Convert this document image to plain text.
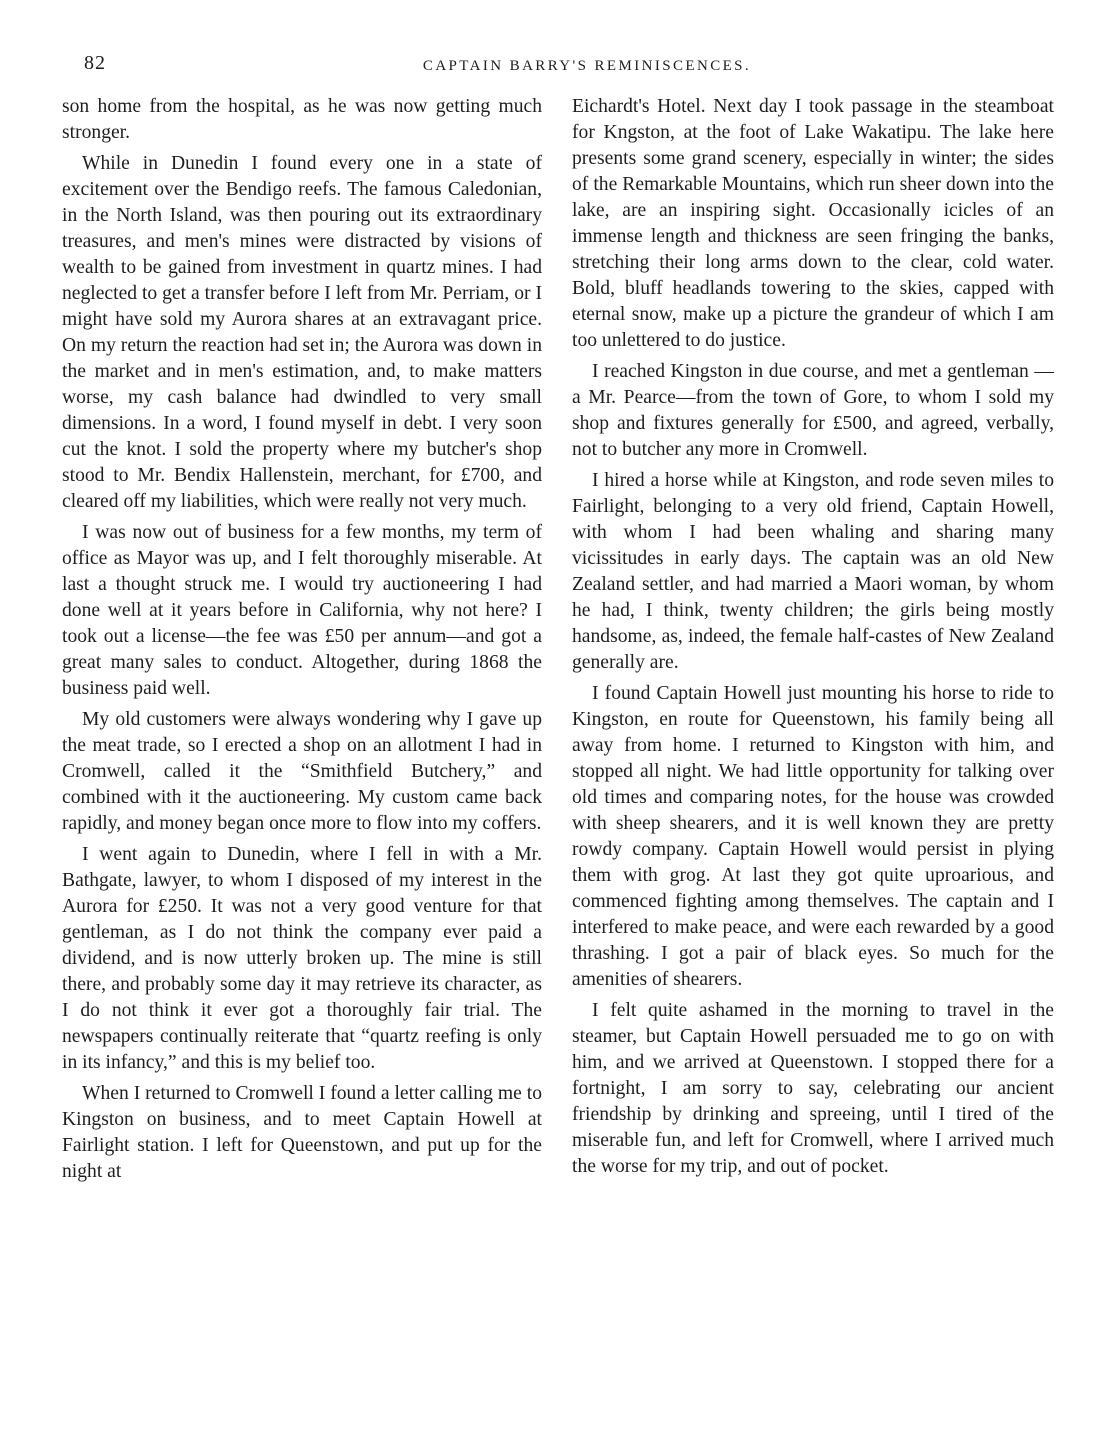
82	CAPTAIN BARRY'S REMINISCENCES.

son home from the hospital, as he was now getting much stronger.

While in Dunedin I found every one in a state of excitement over the Bendigo reefs. The famous Caledonian, in the North Island, was then pouring out its extraordinary treasures, and men's mines were distracted by visions of wealth to be gained from investment in quartz mines. I had neglected to get a transfer before I left from Mr. Perriam, or I might have sold my Aurora shares at an extravagant price. On my return the reaction had set in; the Aurora was down in the market and in men's estimation, and, to make matters worse, my cash balance had dwindled to very small dimensions. In a word, I found myself in debt. I very soon cut the knot. I sold the property where my butcher's shop stood to Mr. Bendix Hallenstein, merchant, for £700, and cleared off my liabilities, which were really not very much.

I was now out of business for a few months, my term of office as Mayor was up, and I felt thoroughly miserable. At last a thought struck me. I would try auctioneering I had done well at it years before in California, why not here? I took out a license—the fee was £50 per annum—and got a great many sales to conduct. Altogether, during 1868 the business paid well.

My old customers were always wondering why I gave up the meat trade, so I erected a shop on an allotment I had in Cromwell, called it the “Smithfield Butchery,” and combined with it the auctioneering. My custom came back rapidly, and money began once more to flow into my coffers.

I went again to Dunedin, where I fell in with a Mr. Bathgate, lawyer, to whom I disposed of my interest in the Aurora for £250. It was not a very good venture for that gentleman, as I do not think the company ever paid a dividend, and is now utterly broken up. The mine is still there, and probably some day it may retrieve its character, as I do not think it ever got a thoroughly fair trial. The newspapers continually reiterate that “quartz reefing is only in its infancy,” and this is my belief too.

When I returned to Cromwell I found a letter calling me to Kingston on business, and to meet Captain Howell at Fairlight station. I left for Queenstown, and put up for the night at

Eichardt's Hotel. Next day I took passage in the steamboat for Kngston, at the foot of Lake Wakatipu. The lake here presents some grand scenery, especially in winter; the sides of the Remarkable Mountains, which run sheer down into the lake, are an inspiring sight. Occasionally icicles of an immense length and thickness are seen fringing the banks, stretching their long arms down to the clear, cold water. Bold, bluff headlands towering to the skies, capped with eternal snow, make up a picture the grandeur of which I am too unlettered to do justice.

I reached Kingston in due course, and met a gentleman —a Mr. Pearce—from the town of Gore, to whom I sold my shop and fixtures generally for £500, and agreed, verbally, not to butcher any more in Cromwell.

I hired a horse while at Kingston, and rode seven miles to Fairlight, belonging to a very old friend, Captain Howell, with whom I had been whaling and sharing many vicissitudes in early days. The captain was an old New Zealand settler, and had married a Maori woman, by whom he had, I think, twenty children; the girls being mostly handsome, as, indeed, the female half-castes of New Zealand generally are.

I found Captain Howell just mounting his horse to ride to Kingston, en route for Queenstown, his family being all away from home. I returned to Kingston with him, and stopped all night. We had little opportunity for talking over old times and comparing notes, for the house was crowded with sheep shearers, and it is well known they are pretty rowdy company. Captain Howell would persist in plying them with grog. At last they got quite uproarious, and commenced fighting among themselves. The captain and I interfered to make peace, and were each rewarded by a good thrashing. I got a pair of black eyes. So much for the amenities of shearers.

I felt quite ashamed in the morning to travel in the steamer, but Captain Howell persuaded me to go on with him, and we arrived at Queenstown. I stopped there for a fortnight, I am sorry to say, celebrating our ancient friendship by drinking and spreeing, until I tired of the miserable fun, and left for Cromwell, where I arrived much the worse for my trip, and out of pocket.
